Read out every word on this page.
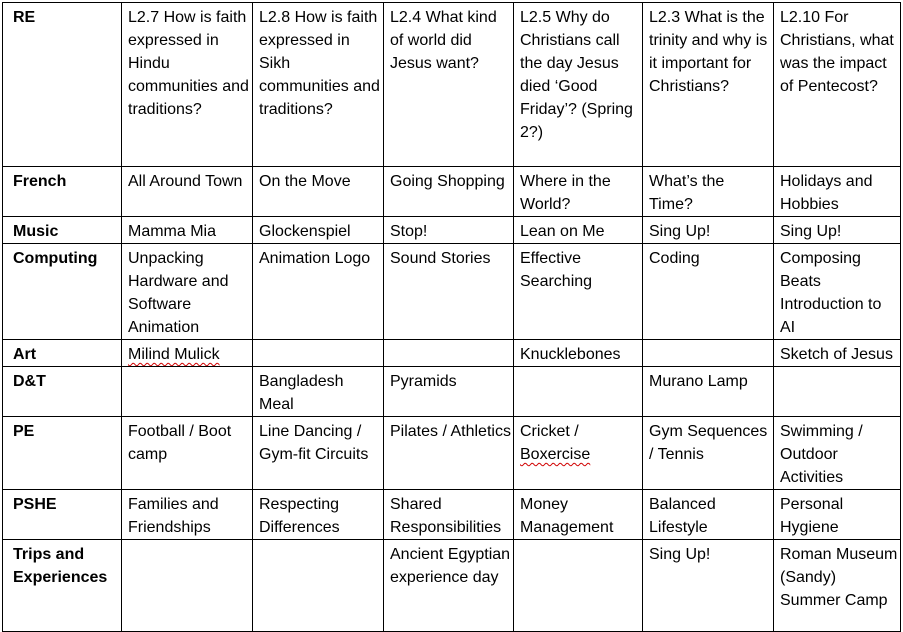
RE	L2.7 How is faith expressed in Hindu communities and traditions?	L2.8 How is faith expressed in Sikh communities and traditions?	L2.4 What kind of world did Jesus want?	L2.5 Why do Christians call the day Jesus died ‘Good Friday’? (Spring 2?)	L2.3 What is the trinity and why is it important for Christians?	L2.10 For Christians, what was the impact of Pentecost?
French	All Around Town	On the Move	Going Shopping	Where in the World?	What’s the Time?	Holidays and Hobbies
Music	Mamma Mia	Glockenspiel	Stop!	Lean on Me	Sing Up!	Sing Up!
Computing	Unpacking Hardware and Software Animation	Animation Logo	Sound Stories	Effective Searching	Coding	Composing Beats Introduction to AI
Art	Milind Mulick			Knucklebones		Sketch of Jesus
D&T		Bangladesh Meal	Pyramids		Murano Lamp	
PE	Football / Boot camp	Line Dancing / Gym-fit Circuits	Pilates / Athletics	Cricket / Boxercise	Gym Sequences / Tennis	Swimming / Outdoor Activities
PSHE	Families and Friendships	Respecting Differences	Shared Responsibilities	Money Management	Balanced Lifestyle	Personal Hygiene
Trips and Experiences			Ancient Egyptian experience day		Sing Up!	Roman Museum (Sandy) Summer Camp
